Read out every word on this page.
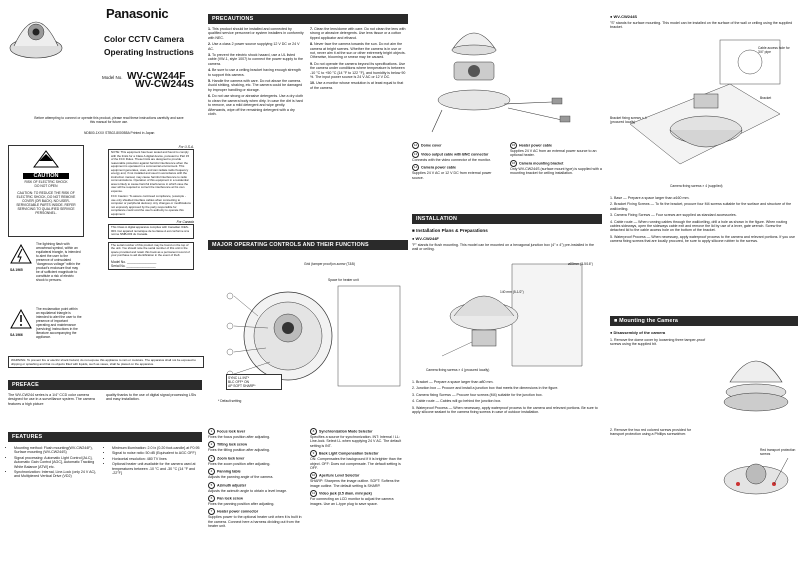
Panasonic
Color CCTV Camera
Operating Instructions
Model No. WV-CW244F
WV-CW244S
Before attempting to connect or operate this product, please read these instructions carefully and save this manual for future use.
NDB00-1XXX STB02-8000B5A Printed in Japan
CAUTION
RISK OF ELECTRIC SHOCK DO NOT OPEN
CAUTION: TO REDUCE THE RISK OF ELECTRIC SHOCK, DO NOT REMOVE COVER (OR BACK). NO USER-SERVICEABLE PARTS INSIDE. REFER SERVICING TO QUALIFIED SERVICE PERSONNEL.
The lightning flash with arrowhead symbol, within an equilateral triangle, is intended to alert the user to the presence of uninsulated "dangerous voltage" within the product's enclosure that may be of sufficient magnitude to constitute a risk of electric shock to persons.
SA 1965
The exclamation point within an equilateral triangle is intended to alert the user to the presence of important operating and maintenance (servicing) instructions in the literature accompanying the appliance.
SA 1966
For U.S.A.
NOTE: This equipment has been tested and found to comply with the limits for a Class A digital device, pursuant to Part 15 of the FCC Rules. These limits are designed to provide reasonable protection against harmful interference when the equipment is operated in a commercial environment. This equipment generates, uses, and can radiate radio frequency energy and, if not installed and used in accordance with the instruction manual, may cause harmful interference to radio communications. Operation of this equipment in a residential area is likely to cause harmful interference in which case the user will be required to correct the interference at his own expense.
FCC Caution: To assure continued compliance, (example - use only shielded interface cables when connecting to computer or peripheral devices). Any changes or modifications not expressly approved by the party responsible for compliance could void the user's authority to operate this equipment.
For Canada
This Class A digital apparatus complies with Canadian ICES-003. Cet appareil numérique de la classe A est conforme à la norme NMB-003 du Canada.
The serial number of this product may be found on the top of the unit. You should note the serial number of this unit in the space provided and retain this book as a permanent record of your purchase to aid identification in the event of theft.
Model No. ________________
Serial No. ________________
WARNING: To prevent fire or electric shock hazard, do not expose this appliance to rain or moisture. The apparatus shall not be exposed to dripping or splashing and that no objects filled with liquids, such as vases, shall be placed on the apparatus.
PREFACE
The WV-CW244 series is a 1/4" CCD color camera designed for use in a surveillance system. The camera features a high picture
quality thanks to the use of digital signal processing LSIs and easy installation.
FEATURES
• Mounting method: Flush mounting(WV-CW244F), Surface mounting (WV-CW244S)
• Signal processing: Automatic Light Control [ALC], Automatic Gain Control [AGC], Automatic Tracking White Balance [ATW] etc.
• Synchronization: Internal, Line-Lock (only 24 V AC), and Multiplexed Vertical Drive (VD2)
• Minimum illumination: 2.0 lx {0.20 foot-candle} at F0.95
• Signal to noise ratio: 50 dB (Equivalent to AGC OFF)
• Horizontal resolution: 480 TV lines
• Optional heater unit available for the camera used at temperatures between -10 °C and -30 °C {14 °F and -22°F}
PRECAUTIONS

1. This product should be installed and connected by qualified service personnel or system installers in conformity with NEC.

2. Use a class 2 power source supplying 12 V DC or 24 V AC.

3. To prevent the electric shock hazard, use a UL listed cable (VW-1, style 1007) to connect the power supply to the camera.

4. Be sure to use a ceiling bracket having enough strength to support this camera.

5. Handle the camera with care. Do not abuse the camera. Avoid striking, shaking, etc. The camera could be damaged by improper handling or storage.

6. Do not use strong or abrasive detergents. Use a dry cloth to clean the camera body when dirty. In case the dirt is hard to remove, use a mild detergent and wipe gently. Afterwards, wipe off the remaining detergent with a dry cloth.

7. Clean the lens/dome with care. Do not clean the lens with strong or abrasive detergents. Use lens tissue or a cotton tipped applicator and ethanol.

8. Never face the camera towards the sun. Do not aim the camera at bright scenes. Whether the camera is in use or not, never aim it at the sun or other extremely bright objects. Otherwise, blooming or smear may be caused.

9. Do not operate the camera beyond its specifications. Use the camera under conditions where temperature is between -10 °C to +50 °C {14 °F to 122 °F}, and humidity is below 90 %. The input power source is 24 V AC or 12 V DC.

10. Use a monitor whose resolution is at least equal to that of the camera.

MAJOR OPERATING CONTROLS AND THEIR FUNCTIONS
Grid (tamper proof)on-screw (T&B)
Space for heater unit
SYNC LL INT*
BLC OFF* ON
AP SOFT SHARP*
* Default setting

1 Focus lock lever
Fixes the focus position after adjusting.

2 Tilting lock screw
Fixes the tilting position after adjusting.

3 Zoom lock lever
Fixes the zoom position after adjusting.

4 Panning table
Adjusts the panning angle of the camera.

5 Azimuth adjuster
Adjusts the azimuth angle to obtain a level image.

6 Pan lock screw
Fixes the panning position after adjusting.

7 Heater power connector
Supplies power to the optional heater unit when it is built in the camera. Connect here a harness dividing out from the heater unit.

8 Synchronization Mode Selector
Specifies a source for synchronization. INT: Internal / LL: Line-lock. Select LL when supplying 24 V AC. The default setting is INT.

9 Back Light Compensation Selector
ON: Compensates the background if it is brighter than the object. OFF: Does not compensate. The default setting is OFF.

10 Aperture Level Selector
SHARP: Sharpens the image outline. SOFT: Softens the image outline. The default setting is SHARP.

11 Video jack (3.5 diam. mini jack)
For connecting an LCD monitor to adjust the camera images. Use an L-type plug to save space.

12 Dome cover

13 Video output cable with BNC connector
Connects with the video connector of the monitor.

14 Camera power cable
Supplies 24 V AC or 12 V DC from external power source.

15 Heater power cable
Supplies 24 V AC from an external power source to an optional heater.

16 Camera mounting bracket
Only WV-CW244S (surface mount type) is supplied with a mounting bracket for ceiling installation.

INSTALLATION
■ Installation Plans & Preparations
● WV-CW244F
"F" stands for flush mounting. This model can be mounted on a hexagonal junction box (4" x 4") pre-installed in the wall or ceiling.
140 mm (5-1/2")
ø80mm (3-5/16")
Camera fixing screws × 4 (procured locally)

1. Bracket — Prepare a space larger than ø80 mm.

2. Junction box — Procure and install a junction box that meets the dimensions in the figure.

3. Camera fixing Screws — Procure four screws (M4) suitable for the junction box.

4. Cable route — Cables will go behind the junction box.

5. Waterproof Process — When necessary, apply waterproof process to the camera and relevant portions. Be sure to apply silicone sealant to the camera fixing screws in case of outdoor installation.

● WV-CW244S
"S" stands for surface mounting. This model can be installed on the surface of the wall or ceiling using the supplied bracket.
Cable access hole for 3/4" pipe
Bracket
Bracket fixing screws × 4 (procured locally)
Camera fixing screws × 4 (supplied)

1. Base — Prepare a space larger than ø160 mm.

2. Bracket Fixing Screws — To fix the bracket, procure four M4 screws suitable for the surface and structure of the wall/ceiling.

3. Camera Fixing Screws — Four screws are supplied as standard accessories.

4. Cable route — When running cables through the wall/ceiling, drill a hole as shown in the figure. When routing cables sideways, open the sideways cable exit and remove the lid by use of a lever, gate wrench. Screw the detached lid to the cable access hole on the bottom of the bracket.

5. Waterproof Process — When necessary, apply waterproof process to the camera and relevant portions. If you use camera fixing screws that are locally procured, be sure to apply silicone rubber to the screws.

■ Mounting the Camera
● Disassembly of the camera
1. Remove the dome cover by loosening three tamper-proof screws using the supplied bit.
2. Remove the two red colored screws provided for transport protection using a Phillips screwdriver.
Red transport protection screws
